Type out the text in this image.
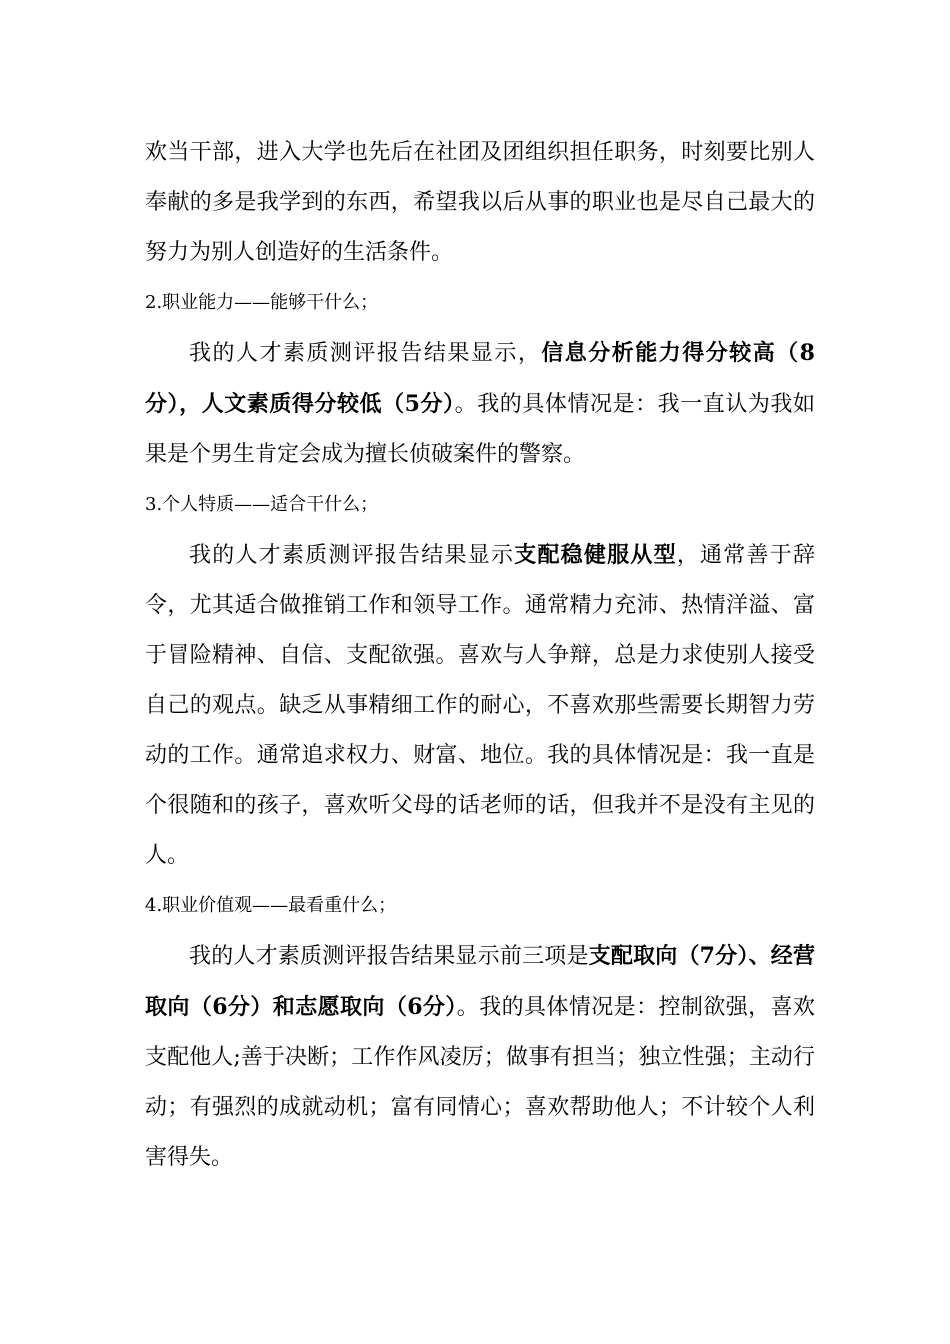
欢当干部，进入大学也先后在社团及团组织担任职务，时刻要比别人奉献的多是我学到的东西，希望我以后从事的职业也是尽自己最大的努力为别人创造好的生活条件。

2.职业能力——能够干什么；

我的人才素质测评报告结果显示，信息分析能力得分较高（8分），人文素质得分较低（5分）。我的具体情况是：我一直认为我如果是个男生肯定会成为擅长侦破案件的警察。

3.个人特质——适合干什么；

我的人才素质测评报告结果显示支配稳健服从型，通常善于辞令，尤其适合做推销工作和领导工作。通常精力充沛、热情洋溢、富于冒险精神、自信、支配欲强。喜欢与人争辩，总是力求使别人接受自己的观点。缺乏从事精细工作的耐心，不喜欢那些需要长期智力劳动的工作。通常追求权力、财富、地位。我的具体情况是：我一直是个很随和的孩子，喜欢听父母的话老师的话，但我并不是没有主见的人。

4.职业价值观——最看重什么；

我的人才素质测评报告结果显示前三项是支配取向（7分）、经营取向（6分）和志愿取向（6分）。我的具体情况是：控制欲强，喜欢支配他人;善于决断；工作作风凌厉；做事有担当；独立性强；主动行动；有强烈的成就动机；富有同情心；喜欢帮助他人；不计较个人利害得失。
